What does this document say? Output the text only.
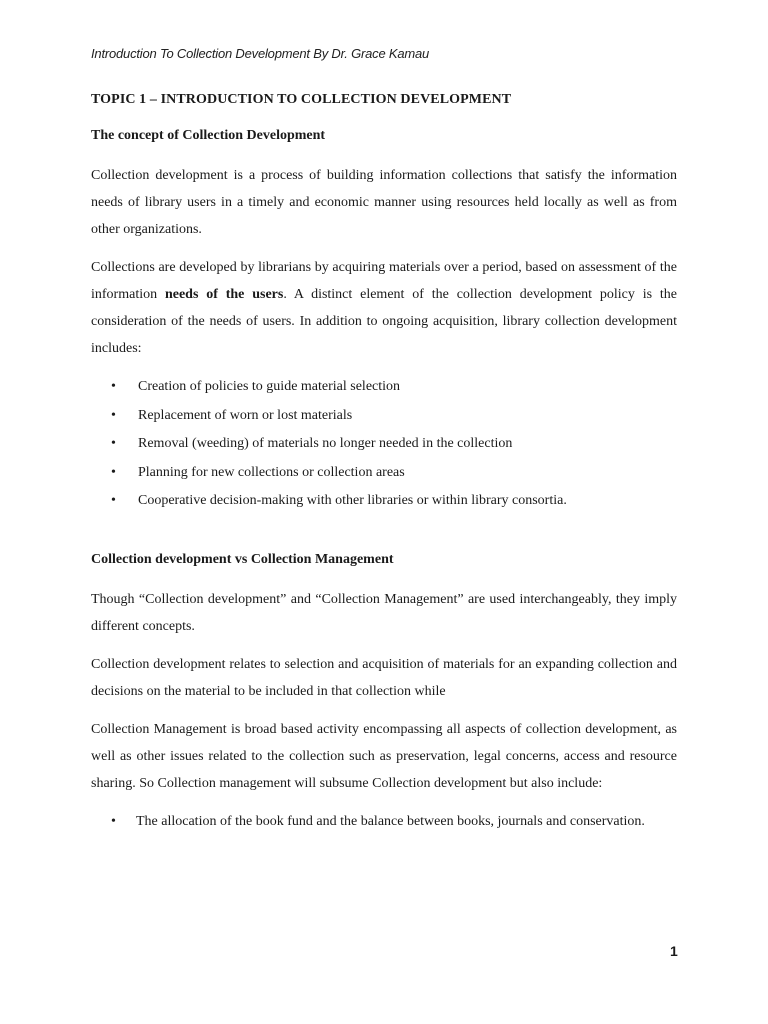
Introduction To Collection Development By Dr. Grace Kamau
TOPIC 1 – INTRODUCTION TO COLLECTION DEVELOPMENT
The concept of Collection Development

Collection development is a process of building information collections that satisfy the information needs of library users in a timely and economic manner using resources held locally as well as from other organizations.

Collections are developed by librarians by acquiring materials over a period, based on assessment of the information needs of the users. A distinct element of the collection development policy is the consideration of the needs of users. In addition to ongoing acquisition, library collection development includes:

• Creation of policies to guide material selection
• Replacement of worn or lost materials
• Removal (weeding) of materials no longer needed in the collection
• Planning for new collections or collection areas
• Cooperative decision-making with other libraries or within library consortia.
Collection development vs Collection Management

Though “Collection development” and “Collection Management” are used interchangeably, they imply different concepts.

Collection development relates to selection and acquisition of materials for an expanding collection and decisions on the material to be included in that collection while

Collection Management is broad based activity encompassing all aspects of collection development, as well as other issues related to the collection such as preservation, legal concerns, access and resource sharing. So Collection management will subsume Collection development but also include:

• The allocation of the book fund and the balance between books, journals and conservation.
1
